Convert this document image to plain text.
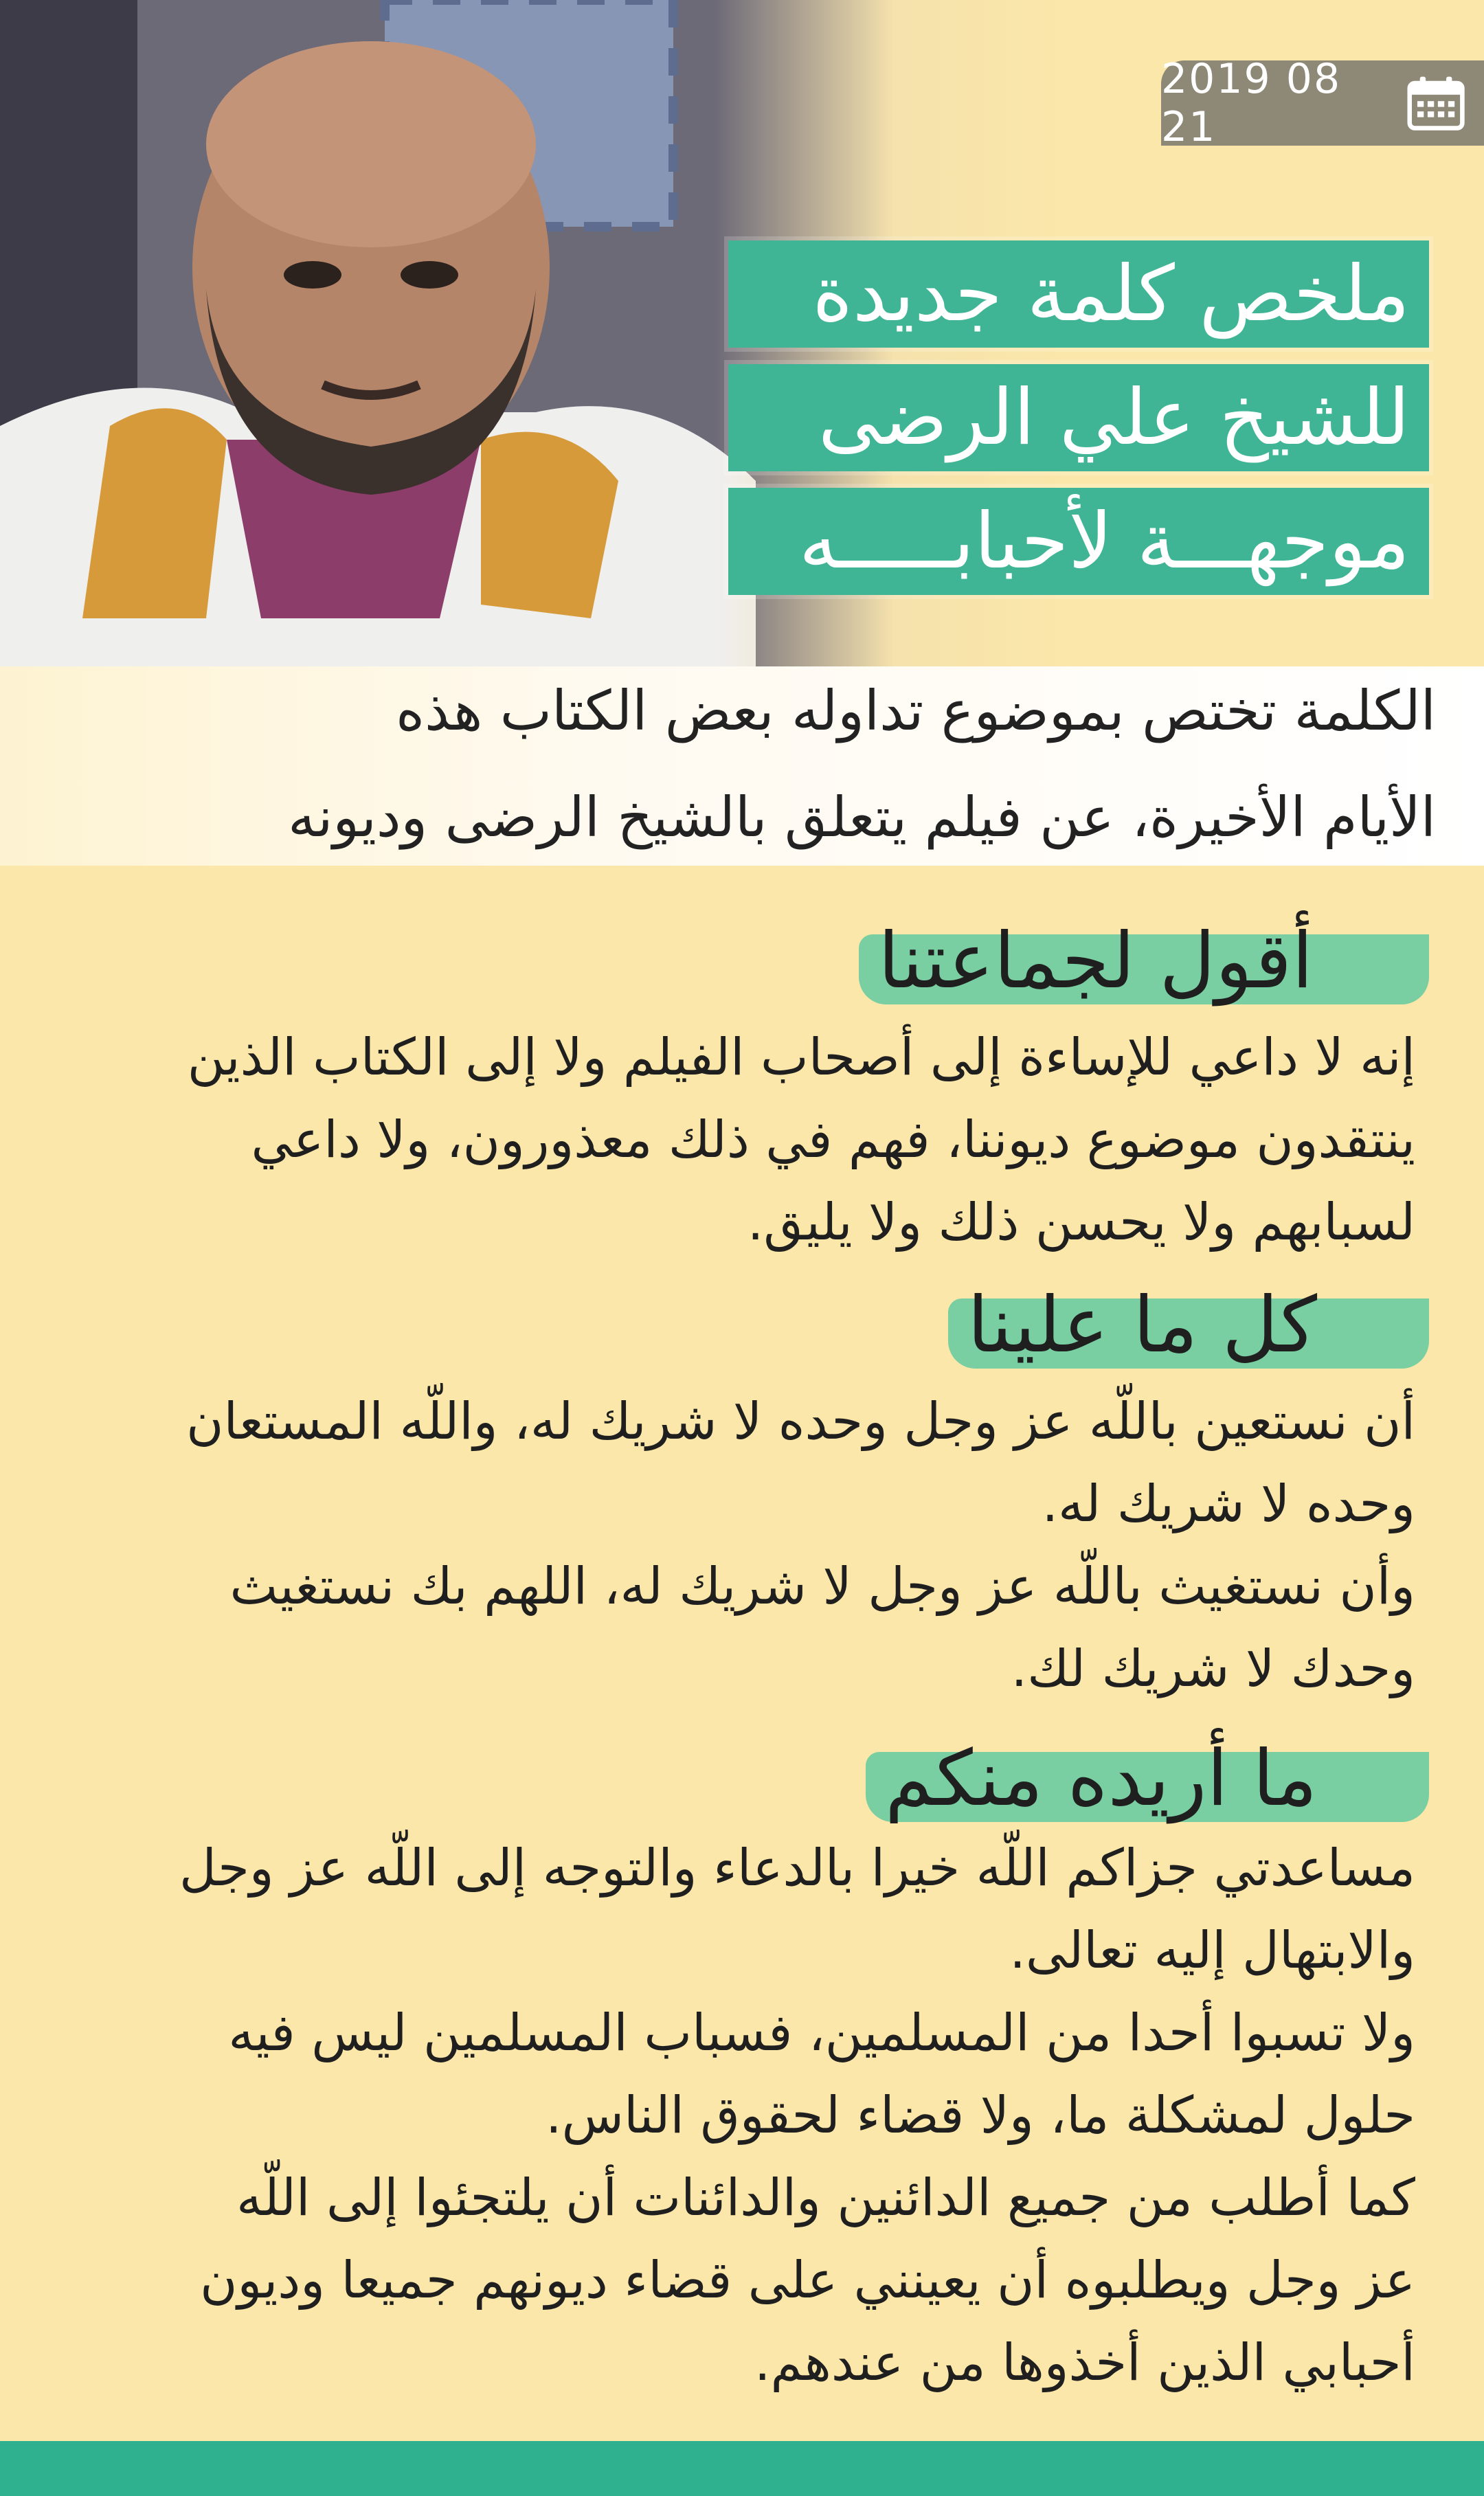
2019 08 21
ملخص كلمة جديدة
للشيخ علي الرضى
موجهـــة لأحبابـــــه
الكلمة تختص بموضوع تداوله بعض الكتاب هذه
الأيام الأخيرة، عن فيلم يتعلق بالشيخ الرضى وديونه
أقول لجماعتنا
إنه لا داعي للإساءة إلى أصحاب الفيلم ولا إلى الكتاب الذين
ينتقدون موضوع ديوننا، فهم في ذلك معذورون، ولا داعي
لسبابهم ولا يحسن ذلك ولا يليق.
كل ما علينا
أن نستعين باللّه عز وجل وحده لا شريك له، واللّه المستعان
وحده لا شريك له.
وأن نستغيث باللّه عز وجل لا شريك له، اللهم بك نستغيث
وحدك لا شريك لك.
ما أريده منكم
مساعدتي جزاكم اللّه خيرا بالدعاء والتوجه إلى اللّه عز وجل
والابتهال إليه تعالى.
ولا تسبوا أحدا من المسلمين، فسباب المسلمين ليس فيه
حلول لمشكلة ما، ولا قضاء لحقوق الناس.
كما أطلب من جميع الدائنين والدائنات أن يلتجئوا إلى اللّه
عز وجل ويطلبوه أن يعينني على قضاء ديونهم جميعا وديون
أحبابي الذين أخذوها من عندهم.
